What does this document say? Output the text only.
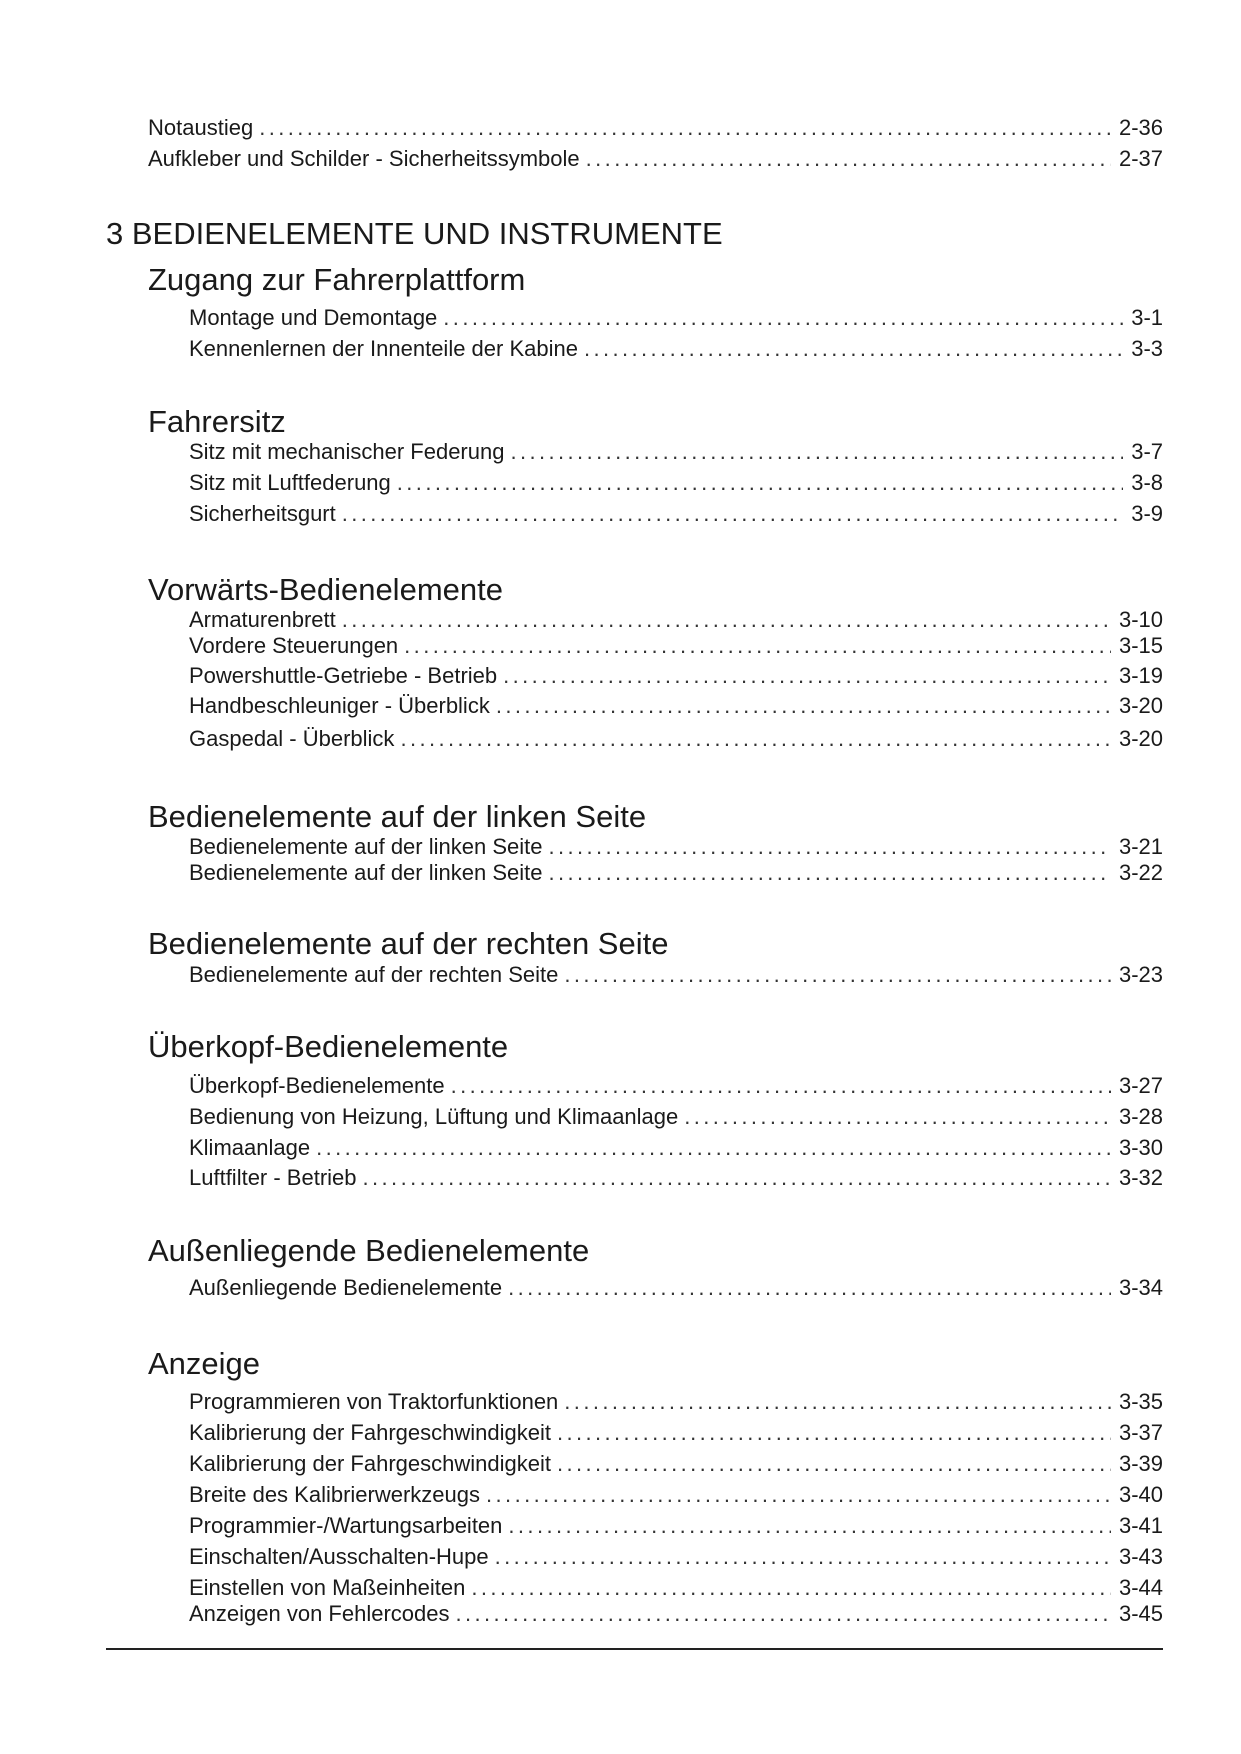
Notaustieg .....	2-36
Aufkleber und Schilder - Sicherheitssymbole .....	2-37
3 BEDIENELEMENTE UND INSTRUMENTE
Zugang zur Fahrerplattform
Montage und Demontage .....	3-1
Kennenlernen der Innenteile der Kabine .....	3-3
Fahrersitz
Sitz mit mechanischer Federung .....	3-7
Sitz mit Luftfederung .....	3-8
Sicherheitsgurt .....	3-9
Vorwärts-Bedienelemente
Armaturenbrett .....	3-10
Vordere Steuerungen .....	3-15
Powershuttle-Getriebe - Betrieb .....	3-19
Handbeschleuniger - Überblick .....	3-20
Gaspedal - Überblick .....	3-20
Bedienelemente auf der linken Seite
Bedienelemente auf der linken Seite .....	3-21
Bedienelemente auf der linken Seite .....	3-22
Bedienelemente auf der rechten Seite
Bedienelemente auf der rechten Seite .....	3-23
Überkopf-Bedienelemente
Überkopf-Bedienelemente .....	3-27
Bedienung von Heizung, Lüftung und Klimaanlage .....	3-28
Klimaanlage .....	3-30
Luftfilter - Betrieb .....	3-32
Außenliegende Bedienelemente
Außenliegende Bedienelemente .....	3-34
Anzeige
Programmieren von Traktorfunktionen .....	3-35
Kalibrierung der Fahrgeschwindigkeit .....	3-37
Kalibrierung der Fahrgeschwindigkeit .....	3-39
Breite des Kalibrierwerkzeugs .....	3-40
Programmier-/Wartungsarbeiten .....	3-41
Einschalten/Ausschalten-Hupe .....	3-43
Einstellen von Maßeinheiten .....	3-44
Anzeigen von Fehlercodes .....	3-45
